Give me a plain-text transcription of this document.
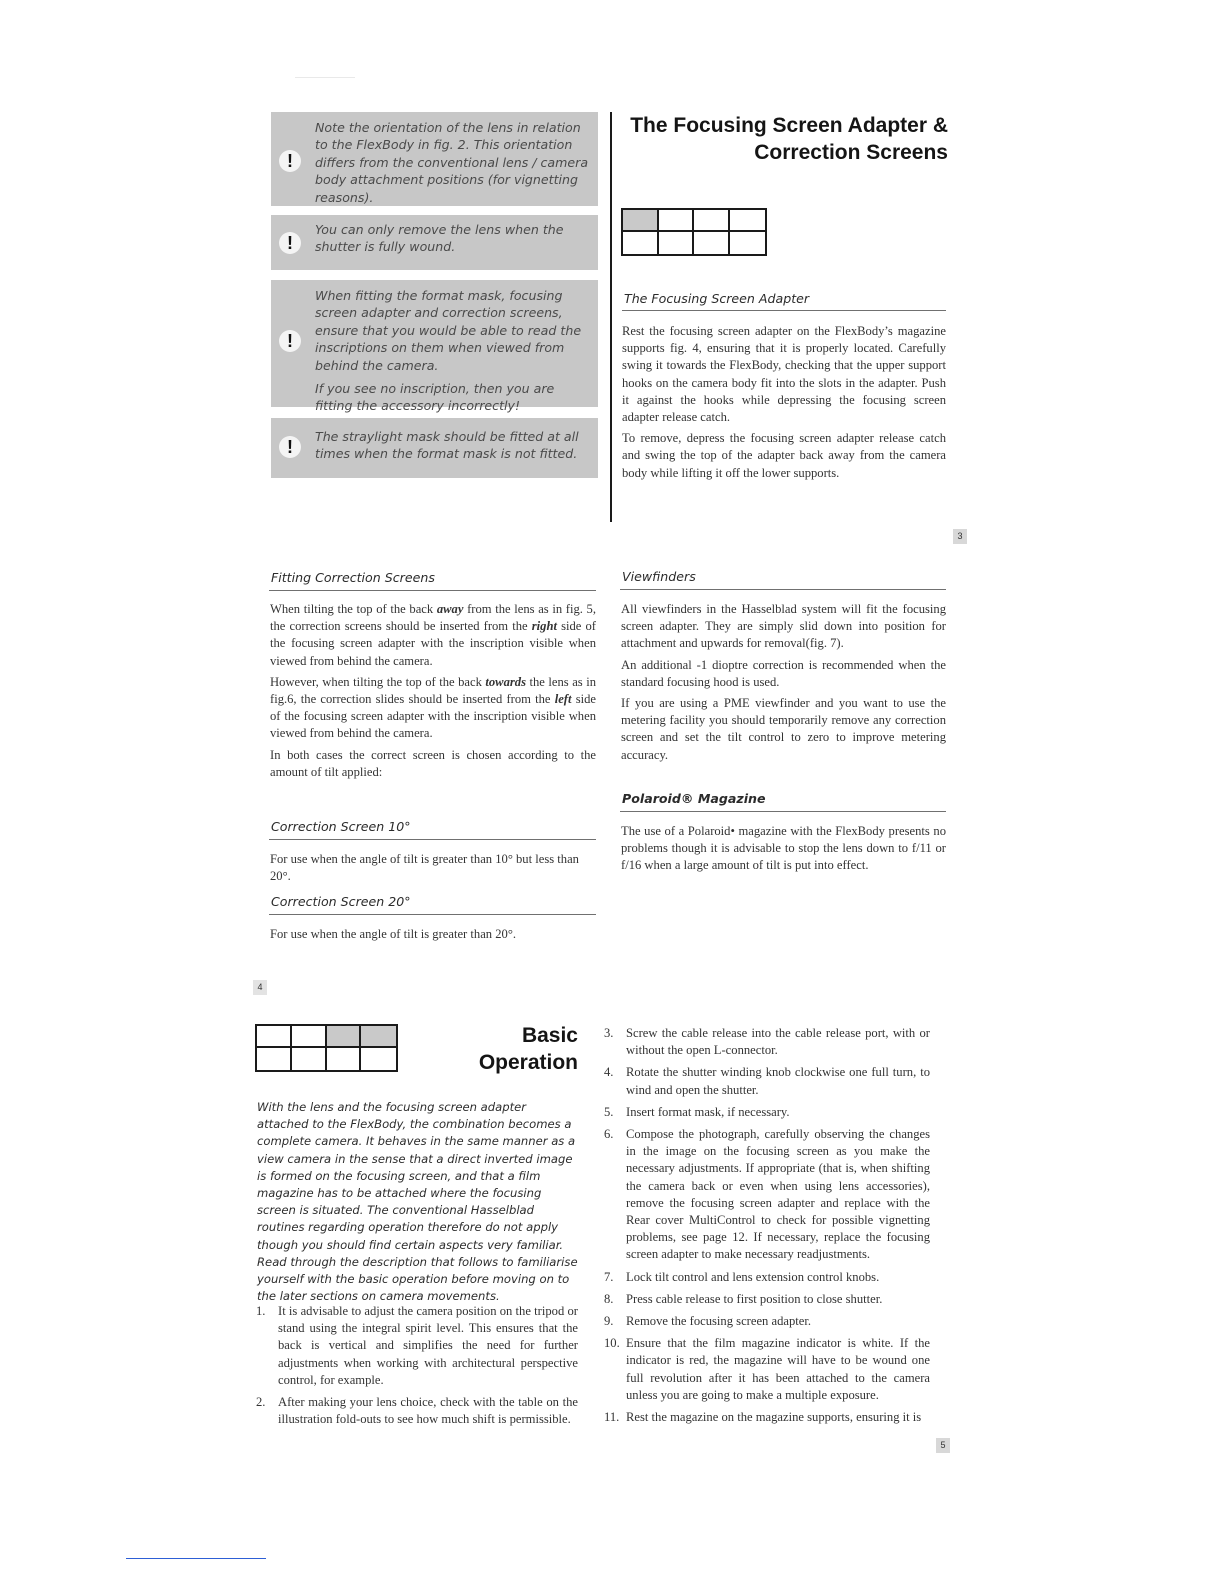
!

Note the orientation of the lens in relation to the FlexBody in fig. 2. This orientation differs from the conventional lens / camera body attachment positions (for vignetting reasons).

!

You can only remove the lens when the shutter is fully wound.

!

When fitting the format mask, focusing screen adapter and correction screens, ensure that you would be able to read the inscriptions on them when viewed from behind the camera.

If you see no inscription, then you are fitting the accessory incorrectly!

!

The straylight mask should be fitted at all times when the format mask is not fitted.

The Focusing Screen Adapter &
Correction Screens
The Focusing Screen Adapter

Rest the focusing screen adapter on the FlexBody’s magazine supports fig. 4, ensuring that it is properly located. Carefully swing it towards the FlexBody, checking that the upper support hooks on the camera body fit into the slots in the adapter. Push it against the hooks while depressing the focusing screen adapter release catch.

To remove, depress the focusing screen adapter release catch and swing the top of the adapter back away from the camera body while lifting it off the lower supports.

3
Fitting Correction Screens

When tilting the top of the back away from the lens as in fig. 5, the correction screens should be inserted from the right side of the focusing screen adapter with the inscription visible when viewed from behind the camera.

However, when tilting the top of the back towards the lens as in fig.6, the correction slides should be inserted from the left side of the focusing screen adapter with the inscription visible when viewed from behind the camera.

In both cases the correct screen is chosen according to the amount of tilt applied:

Correction Screen 10°
For use when the angle of tilt is greater than 10° but less than 20°.
Correction Screen 20°
For use when the angle of tilt is greater than 20°.
4
Viewfinders

All viewfinders in the Hasselblad system will fit the focusing screen adapter. They are simply slid down into position for attachment and upwards for removal(fig. 7).

An additional -1 dioptre correction is recommended when the standard focusing hood is used.

If you are using a PME viewfinder and you want to use the metering facility you should temporarily remove any correction screen and set the tilt control to zero to improve metering accuracy.

Polaroid® Magazine
The use of a Polaroid• magazine with the FlexBody presents no problems though it is advisable to stop the lens down to f/11 or f/16 when a large amount of tilt is put into effect.
Basic Operation
With the lens and the focusing screen adapter attached to the FlexBody, the combination becomes a complete camera. It behaves in the same manner as a view camera in the sense that a direct inverted image is formed on the focusing screen, and that a film magazine has to be attached where the focusing screen is situated. The conventional Hasselblad routines regarding operation therefore do not apply though you should find certain aspects very familiar. Read through the description that follows to familiarise yourself with the basic operation before moving on to the later sections on camera movements.
1. It is advisable to adjust the camera position on the tripod or stand using the integral spirit level. This ensures that the back is vertical and simplifies the need for further adjustments when working with architectural perspective control, for example.
2. After making your lens choice, check with the table on the illustration fold-outs to see how much shift is permissible.
3. Screw the cable release into the cable release port, with or without the open L-connector.
4. Rotate the shutter winding knob clockwise one full turn, to wind and open the shutter.
5. Insert format mask, if necessary.
6. Compose the photograph, carefully observing the changes in the image on the focusing screen as you make the necessary adjustments. If appropriate (that is, when shifting the camera back or even when using lens accessories), remove the focusing screen adapter and replace with the Rear cover MultiControl to check for possible vignetting problems, see page 12. If necessary, replace the focusing screen adapter to make necessary readjustments.
7. Lock tilt control and lens extension control knobs.
8. Press cable release to first position to close shutter.
9. Remove the focusing screen adapter.
10. Ensure that the film magazine indicator is white. If the indicator is red, the magazine will have to be wound one full revolution after it has been attached to the camera unless you are going to make a multiple exposure.
11. Rest the magazine on the magazine supports, ensuring it is
5
